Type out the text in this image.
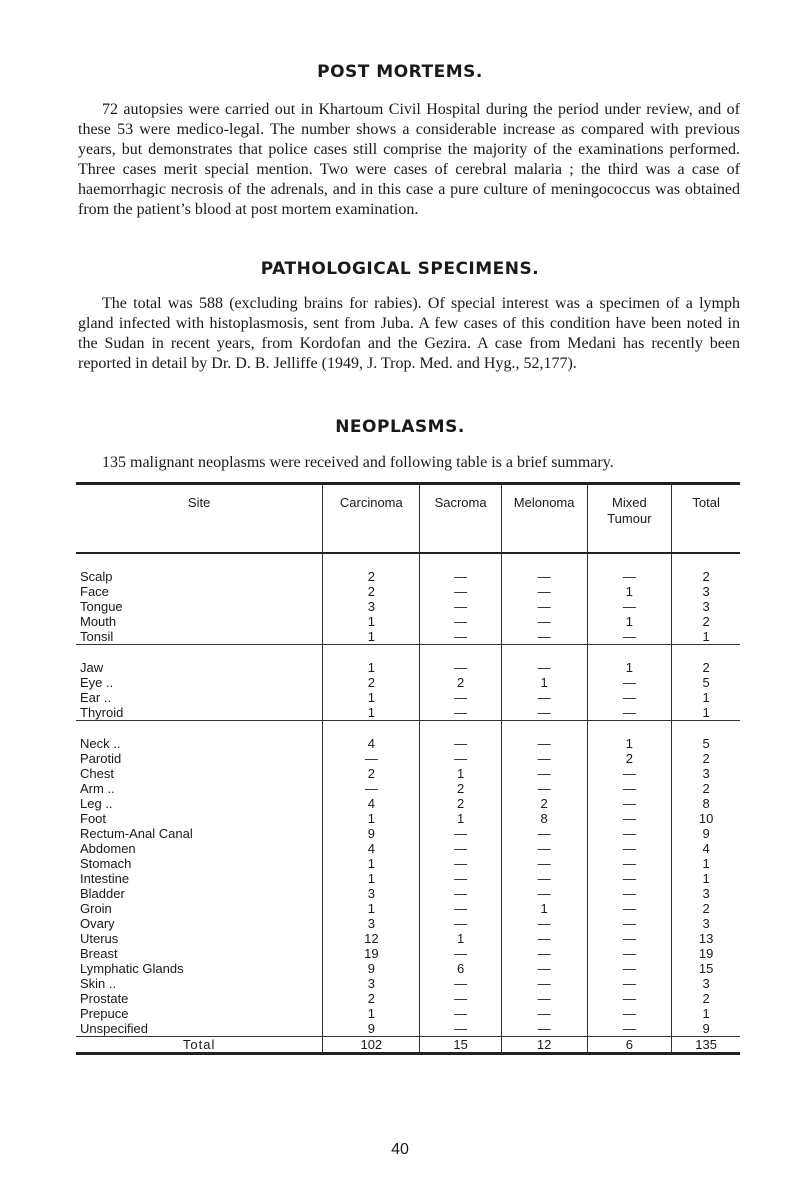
POST MORTEMS.

72 autopsies were carried out in Khartoum Civil Hospital during the period under review, and of these 53 were medico-legal. The number shows a considerable increase as compared with previous years, but demonstrates that police cases still comprise the majority of the examinations performed. Three cases merit special mention. Two were cases of cerebral malaria ; the third was a case of haemorrhagic necrosis of the adrenals, and in this case a pure culture of meningococcus was obtained from the patient’s blood at post mortem examination.

PATHOLOGICAL SPECIMENS.

The total was 588 (excluding brains for rabies). Of special interest was a specimen of a lymph gland infected with histoplasmosis, sent from Juba. A few cases of this condition have been noted in the Sudan in recent years, from Kordofan and the Gezira. A case from Medani has recently been reported in detail by Dr. D. B. Jelliffe (1949, J. Trop. Med. and Hyg., 52,177).

NEOPLASMS.

135 malignant neoplasms were received and following table is a brief summary.

Site	Carcinoma	Sacroma	Melonoma	Mixed Tumour	Total

Scalp	2	—	—	—	2
Face	2	—	—	1	3
Tongue	3	—	—	—	3
Mouth	1	—	—	1	2
Tonsil	1	—	—	—	1

Jaw	1	—	—	1	2
Eye ..	2	2	1	—	5
Ear ..	1	—	—	—	1
Thyroid	1	—	—	—	1

Neck ..	4	—	—	1	5
Parotid	—	—	—	2	2
Chest	2	1	—	—	3
Arm ..	—	2	—	—	2
Leg ..	4	2	2	—	8
Foot	1	1	8	—	10
Rectum-Anal Canal	9	—	—	—	9
Abdomen	4	—	—	—	4
Stomach	1	—	—	—	1
Intestine	1	—	—	—	1
Bladder	3	—	—	—	3
Groin	1	—	1	—	2
Ovary	3	—	—	—	3
Uterus	12	1	—	—	13
Breast	19	—	—	—	19
Lymphatic Glands	9	6	—	—	15
Skin ..	3	—	—	—	3
Prostate	2	—	—	—	2
Prepuce	1	—	—	—	1
Unspecified	9	—	—	—	9
Total	102	15	12	6	135
40
